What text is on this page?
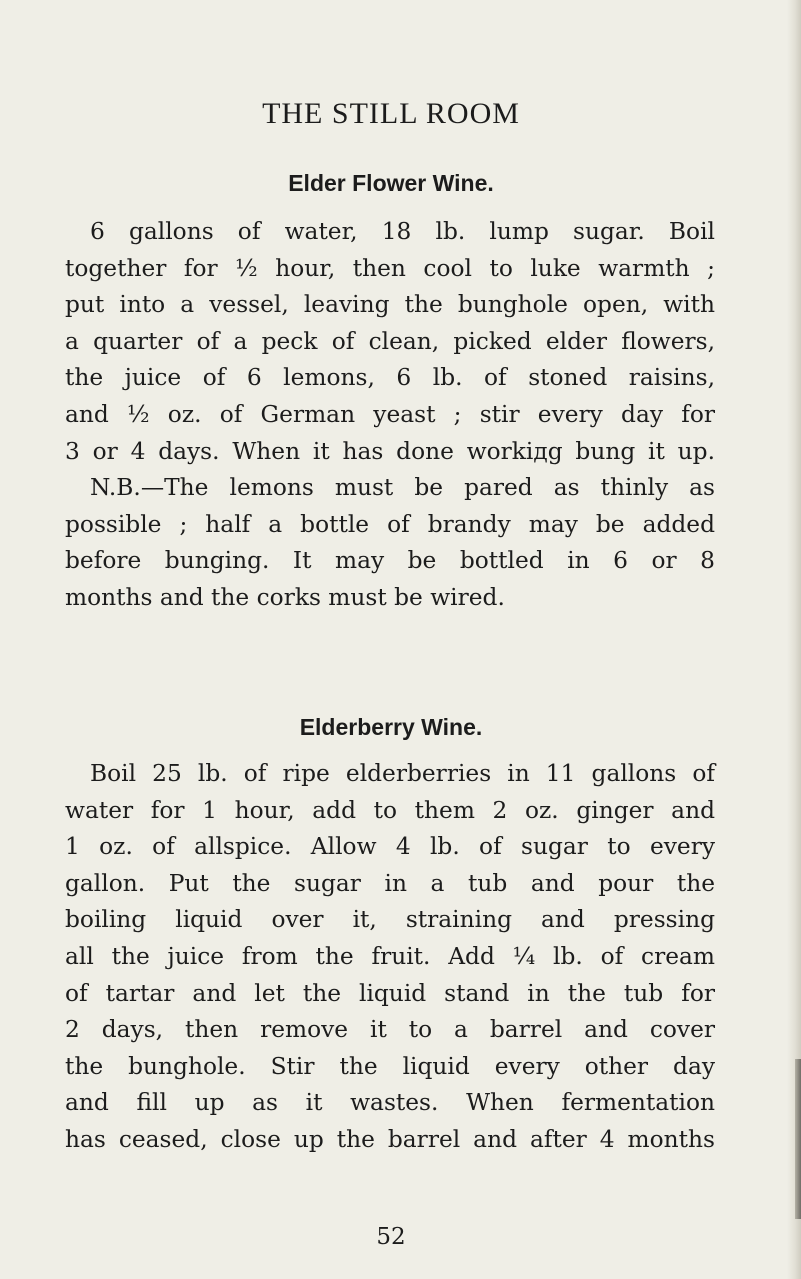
THE STILL ROOM
Elder Flower Wine.
6 gallons of water, 18 lb. lump sugar. Boil
together for ½ hour, then cool to luke warmth ;
put into a vessel, leaving the bunghole open, with
a quarter of a peck of clean, picked elder flowers,
the juice of 6 lemons, 6 lb. of stoned raisins,
and ½ oz. of German yeast ; stir every day for
3 or 4 days. When it has done workiдg bung it up.
N.B.—The lemons must be pared as thinly as
possible ; half a bottle of brandy may be added
before bunging. It may be bottled in 6 or 8
months and the corks must be wired.
Elderberry Wine.
Boil 25 lb. of ripe elderberries in 11 gallons of
water for 1 hour, add to them 2 oz. ginger and
1 oz. of allspice. Allow 4 lb. of sugar to every
gallon. Put the sugar in a tub and pour the
boiling liquid over it, straining and pressing
all the juice from the fruit. Add ¼ lb. of cream
of tartar and let the liquid stand in the tub for
2 days, then remove it to a barrel and cover
the bunghole. Stir the liquid every other day
and fill up as it wastes. When fermentation
has ceased, close up the barrel and after 4 months
52
